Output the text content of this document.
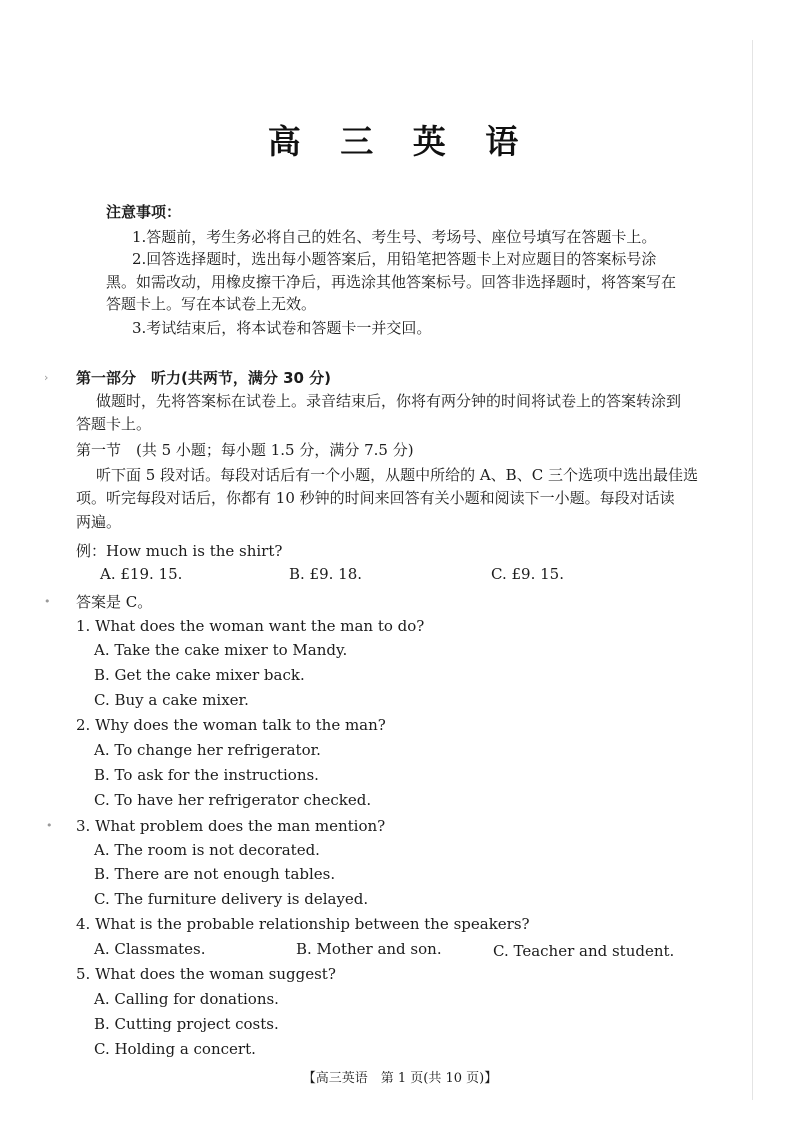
高 三 英 语
注意事项：
1.答题前，考生务必将自己的姓名、考生号、考场号、座位号填写在答题卡上。
2.回答选择题时，选出每小题答案后，用铅笔把答题卡上对应题目的答案标号涂
黑。如需改动，用橡皮擦干净后，再选涂其他答案标号。回答非选择题时，将答案写在
答题卡上。写在本试卷上无效。
3.考试结束后，将本试卷和答题卡一并交回。
› 第一部分　听力(共两节，满分 30 分)
做题时，先将答案标在试卷上。录音结束后，你将有两分钟的时间将试卷上的答案转涂到
答题卡上。
第一节　(共 5 小题；每小题 1.5 分，满分 7.5 分)
听下面 5 段对话。每段对话后有一个小题，从题中所给的 A、B、C 三个选项中选出最佳选
项。听完每段对话后，你都有 10 秒钟的时间来回答有关小题和阅读下一小题。每段对话读
两遍。
例：How much is the shirt?
A. £19. 15.	B. £9. 18.	C. £9. 15.
• 答案是 C。
1. What does the woman want the man to do?
A. Take the cake mixer to Mandy.
B. Get the cake mixer back.
C. Buy a cake mixer.
2. Why does the woman talk to the man?
A. To change her refrigerator.
B. To ask for the instructions.
C. To have her refrigerator checked.
• 3. What problem does the man mention?
A. The room is not decorated.
B. There are not enough tables.
C. The furniture delivery is delayed.
4. What is the probable relationship between the speakers?
A. Classmates.	B. Mother and son.	C. Teacher and student.
5. What does the woman suggest?
A. Calling for donations.
B. Cutting project costs.
C. Holding a concert.
【高三英语　第 1 页(共 10 页)】
